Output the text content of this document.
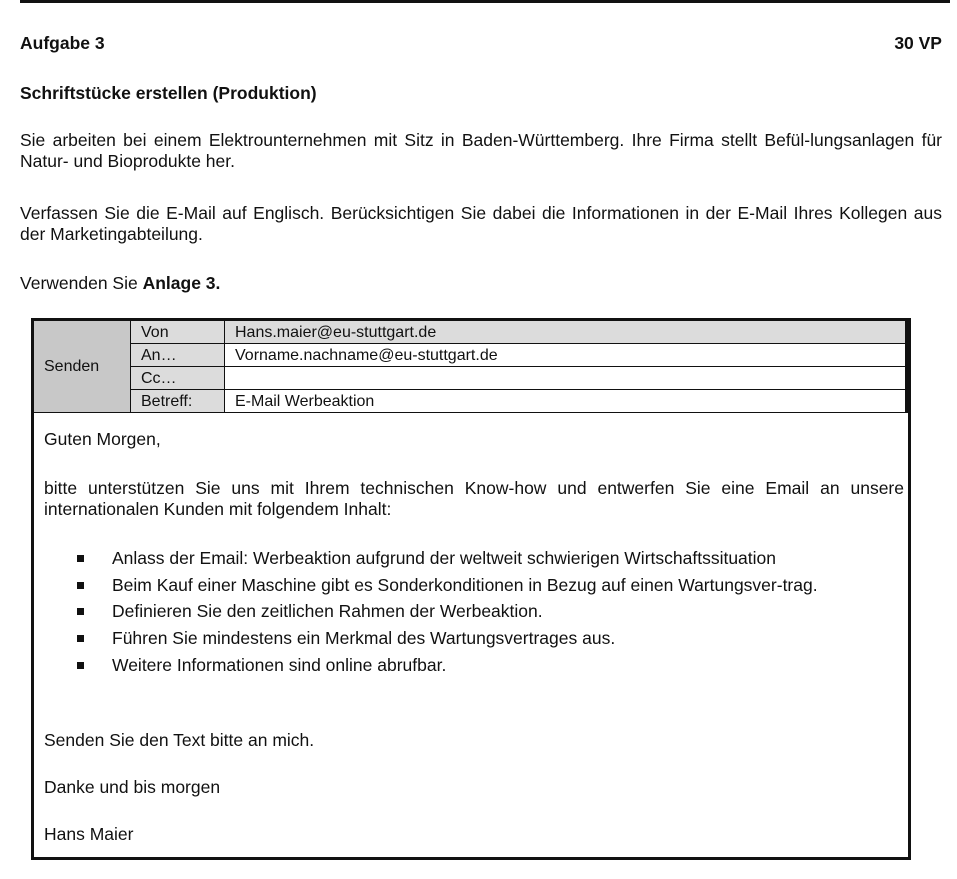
Aufgabe 3	30 VP
Schriftstücke erstellen (Produktion)
Sie arbeiten bei einem Elektrounternehmen mit Sitz in Baden-Württemberg. Ihre Firma stellt Befül-lungsanlagen für Natur- und Bioprodukte her.
Verfassen Sie die E-Mail auf Englisch. Berücksichtigen Sie dabei die Informationen in der E-Mail Ihres Kollegen aus der Marketingabteilung.
Verwenden Sie Anlage 3.
Senden	Von	Hans.maier@eu-stuttgart.de
	An…	Vorname.nachname@eu-stuttgart.de
	Cc…	
	Betreff:	E-Mail Werbeaktion
Guten Morgen,
bitte unterstützen Sie uns mit Ihrem technischen Know-how und entwerfen Sie eine Email an unsere internationalen Kunden mit folgendem Inhalt:
Anlass der Email: Werbeaktion aufgrund der weltweit schwierigen Wirtschaftssituation
Beim Kauf einer Maschine gibt es Sonderkonditionen in Bezug auf einen Wartungsver-trag.
Definieren Sie den zeitlichen Rahmen der Werbeaktion.
Führen Sie mindestens ein Merkmal des Wartungsvertrages aus.
Weitere Informationen sind online abrufbar.
Senden Sie den Text bitte an mich.
Danke und bis morgen
Hans Maier
